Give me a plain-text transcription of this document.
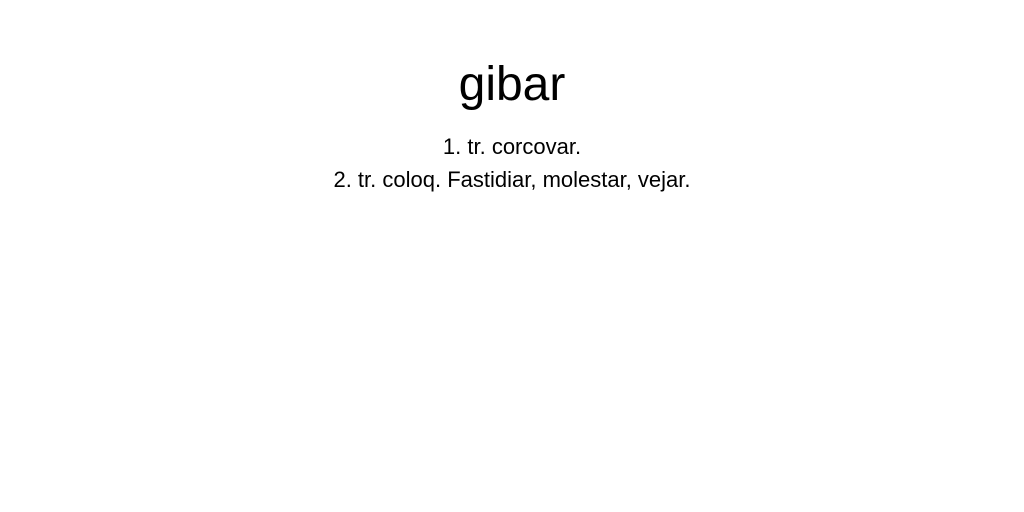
gibar
1. tr. corcovar.
2. tr. coloq. Fastidiar, molestar, vejar.
